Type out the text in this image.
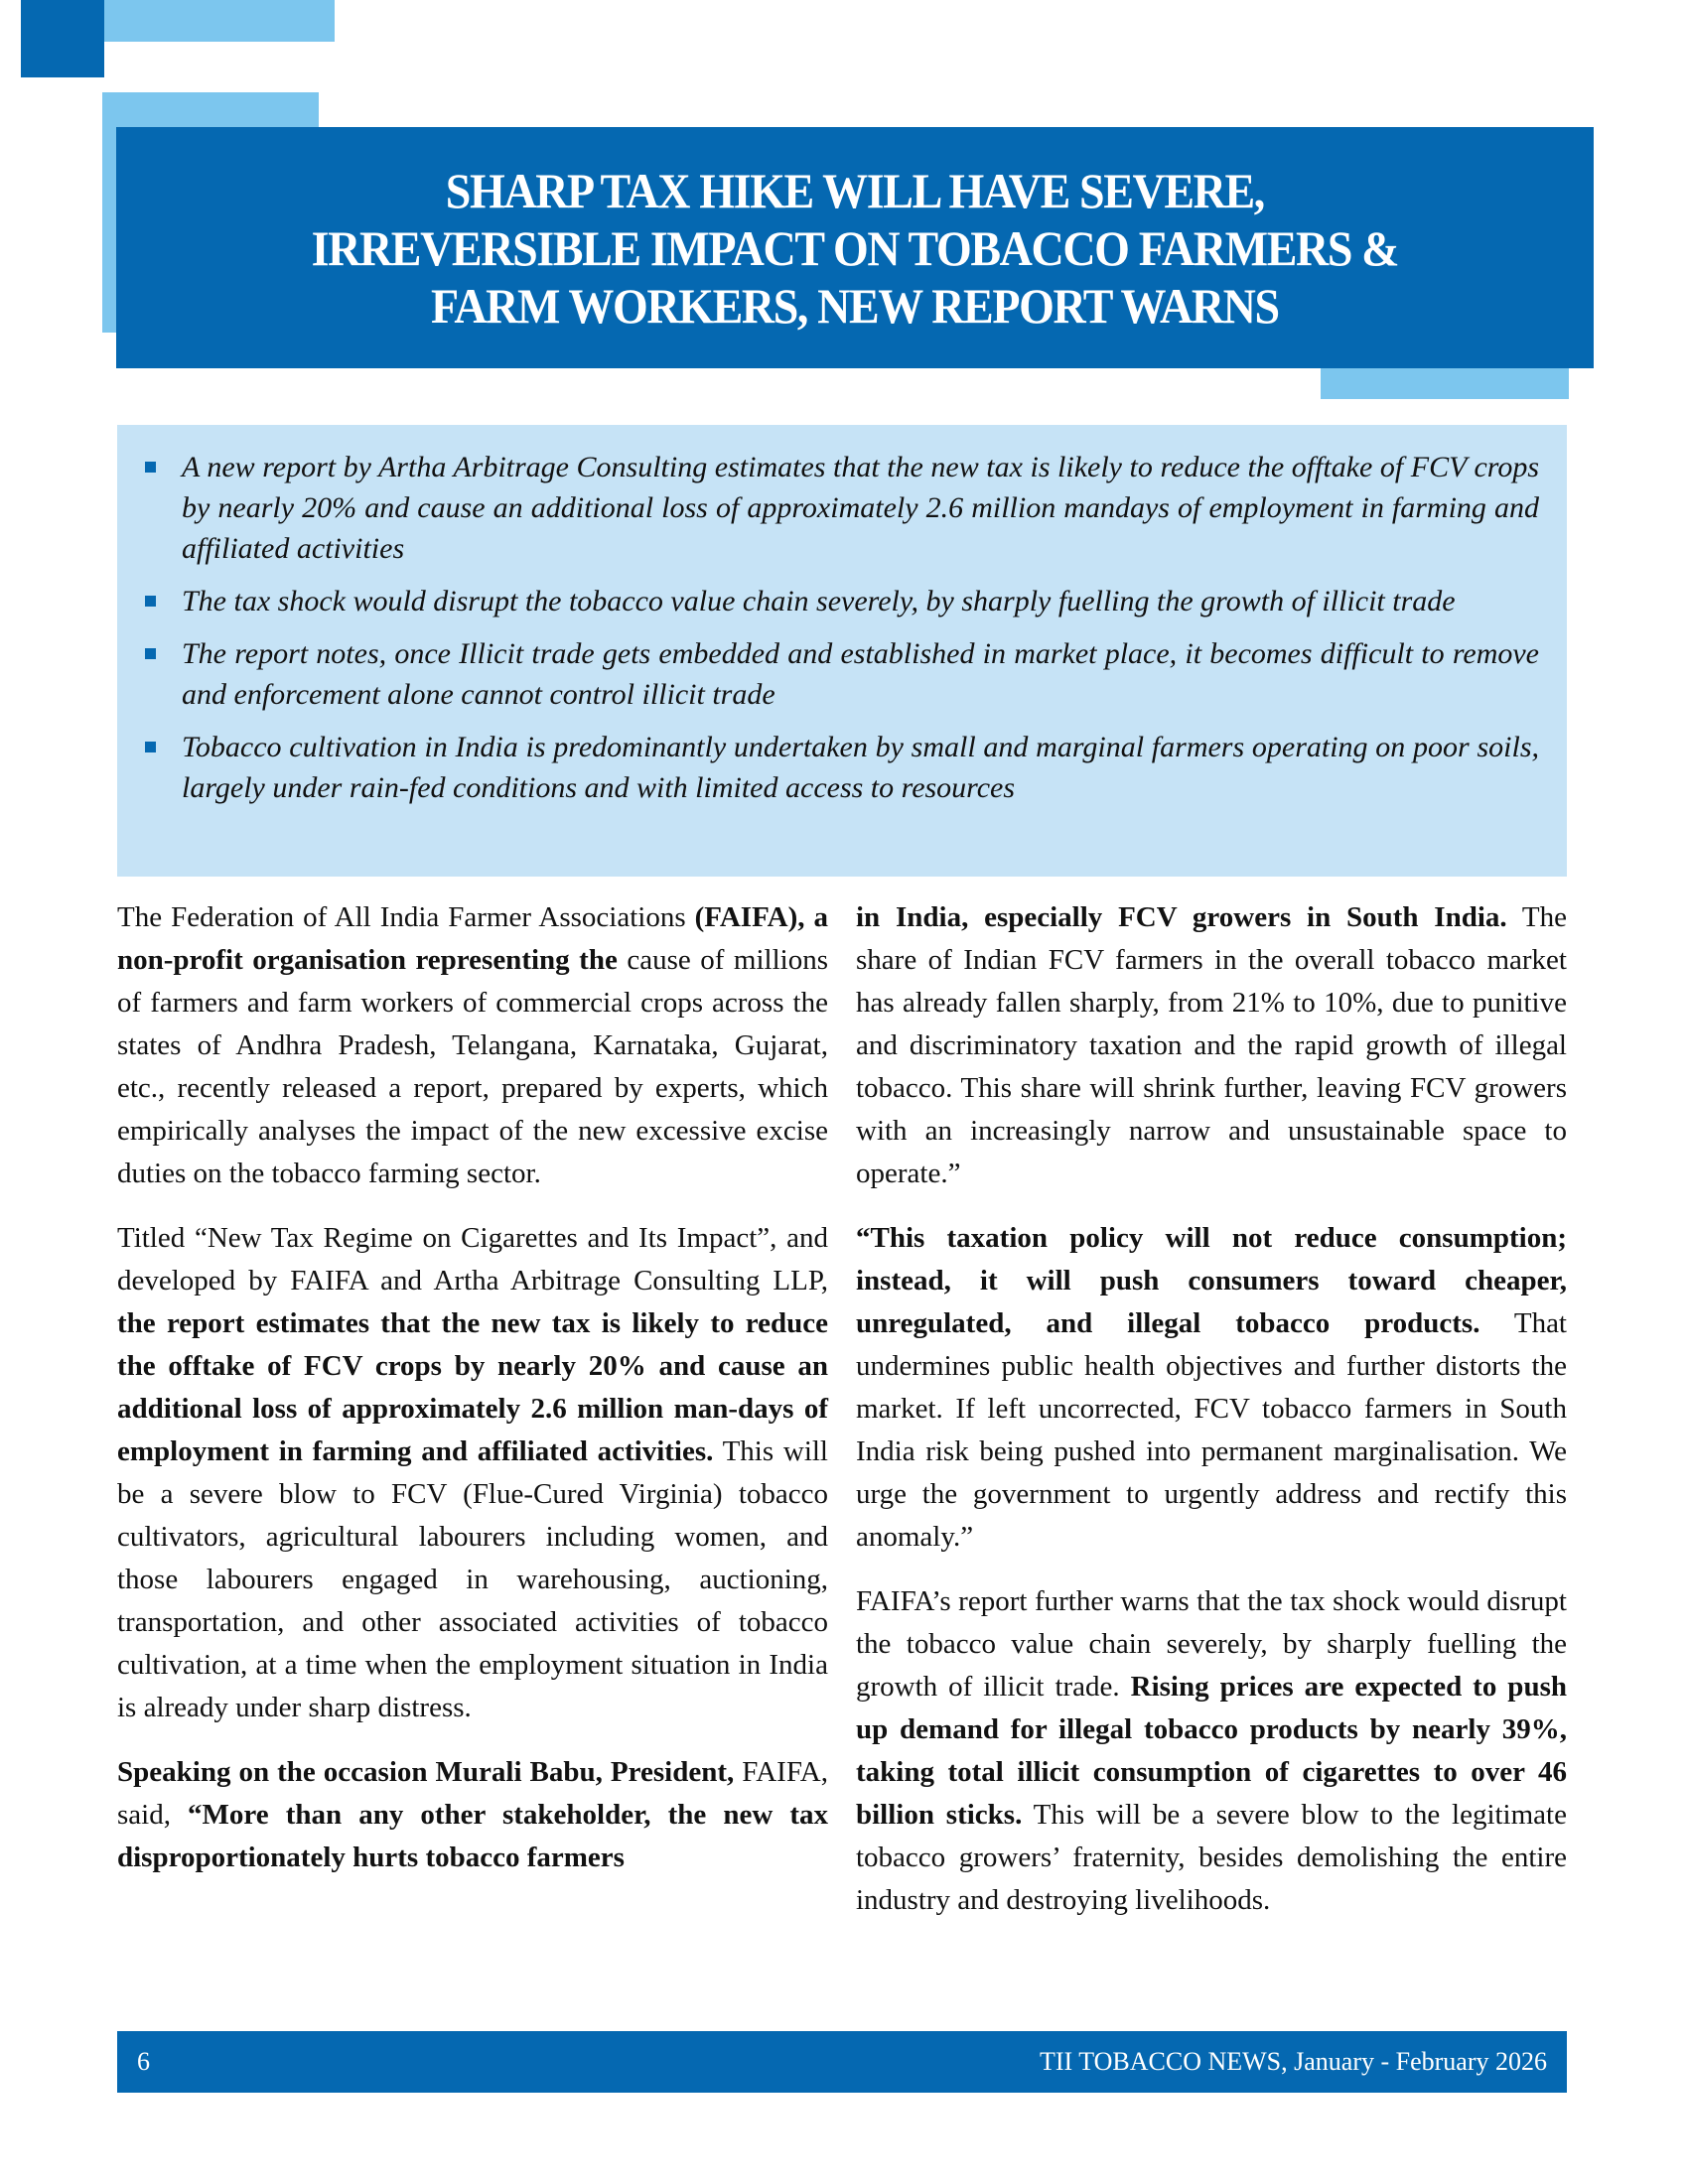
SHARP TAX HIKE WILL HAVE SEVERE,
IRREVERSIBLE IMPACT ON TOBACCO FARMERS &
FARM WORKERS, NEW REPORT WARNS
A new report by Artha Arbitrage Consulting estimates that the new tax is likely to reduce the offtake of FCV crops by nearly 20% and cause an additional loss of approximately 2.6 million mandays of employment in farming and affiliated activities
The tax shock would disrupt the tobacco value chain severely, by sharply fuelling the growth of illicit trade
The report notes, once Illicit trade gets embedded and established in market place, it becomes difficult to remove and enforcement alone cannot control illicit trade
Tobacco cultivation in India is predominantly undertaken by small and marginal farmers operating on poor soils, largely under rain-fed conditions and with limited access to resources

The Federation of All India Farmer Associations (FAIFA), a non-profit organisation representing the cause of millions of farmers and farm workers of commercial crops across the states of Andhra Pradesh, Telangana, Karnataka, Gujarat, etc., recently released a report, prepared by experts, which empirically analyses the impact of the new excessive excise duties on the tobacco farming sector.

Titled “New Tax Regime on Cigarettes and Its Impact”, and developed by FAIFA and Artha Arbitrage Consulting LLP, the report estimates that the new tax is likely to reduce the offtake of FCV crops by nearly 20% and cause an additional loss of approximately 2.6 million man-days of employment in farming and affiliated activities. This will be a severe blow to FCV (Flue-Cured Virginia) tobacco cultivators, agricultural labourers including women, and those labourers engaged in warehousing, auctioning, transportation, and other associated activities of tobacco cultivation, at a time when the employment situation in India is already under sharp distress.

Speaking on the occasion Murali Babu, President, FAIFA, said, “More than any other stakeholder, the new tax disproportionately hurts tobacco farmers

in India, especially FCV growers in South India. The share of Indian FCV farmers in the overall tobacco market has already fallen sharply, from 21% to 10%, due to punitive and discriminatory taxation and the rapid growth of illegal tobacco. This share will shrink further, leaving FCV growers with an increasingly narrow and unsustainable space to operate.”

“This taxation policy will not reduce consumption; instead, it will push consumers toward cheaper, unregulated, and illegal tobacco products. That undermines public health objectives and further distorts the market. If left uncorrected, FCV tobacco farmers in South India risk being pushed into permanent marginalisation. We urge the government to urgently address and rectify this anomaly.”

FAIFA’s report further warns that the tax shock would disrupt the tobacco value chain severely, by sharply fuelling the growth of illicit trade. Rising prices are expected to push up demand for illegal tobacco products by nearly 39%, taking total illicit consumption of cigarettes to over 46 billion sticks. This will be a severe blow to the legitimate tobacco growers’ fraternity, besides demolishing the entire industry and destroying livelihoods.

6	TII TOBACCO NEWS, January - February 2026
